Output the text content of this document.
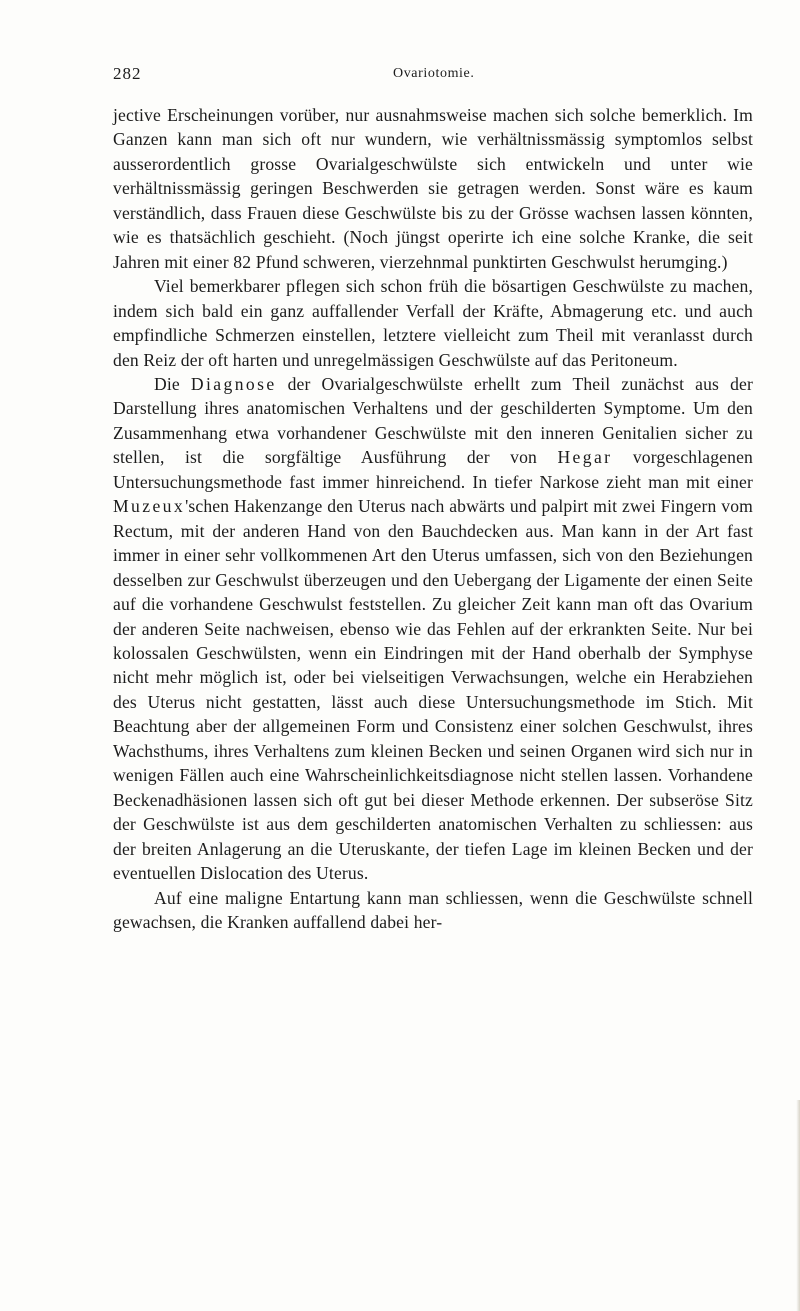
282	Ovariotomie.

jective Erscheinungen vorüber, nur ausnahmsweise machen sich solche bemerklich. Im Ganzen kann man sich oft nur wundern, wie verhältnissmässig symptomlos selbst ausserordentlich grosse Ovarialgeschwülste sich entwickeln und unter wie verhältnissmässig geringen Beschwerden sie getragen werden. Sonst wäre es kaum verständlich, dass Frauen diese Geschwülste bis zu der Grösse wachsen lassen könnten, wie es thatsächlich geschieht. (Noch jüngst operirte ich eine solche Kranke, die seit Jahren mit einer 82 Pfund schweren, vierzehnmal punktirten Geschwulst herumging.)

Viel bemerkbarer pflegen sich schon früh die bösartigen Geschwülste zu machen, indem sich bald ein ganz auffallender Verfall der Kräfte, Abmagerung etc. und auch empfindliche Schmerzen einstellen, letztere vielleicht zum Theil mit veranlasst durch den Reiz der oft harten und unregelmässigen Geschwülste auf das Peritoneum.

Die Diagnose der Ovarialgeschwülste erhellt zum Theil zunächst aus der Darstellung ihres anatomischen Verhaltens und der geschilderten Symptome. Um den Zusammenhang etwa vorhandener Geschwülste mit den inneren Genitalien sicher zu stellen, ist die sorgfältige Ausführung der von Hegar vorgeschlagenen Untersuchungsmethode fast immer hinreichend. In tiefer Narkose zieht man mit einer Muzeux'schen Hakenzange den Uterus nach abwärts und palpirt mit zwei Fingern vom Rectum, mit der anderen Hand von den Bauchdecken aus. Man kann in der Art fast immer in einer sehr vollkommenen Art den Uterus umfassen, sich von den Beziehungen desselben zur Geschwulst überzeugen und den Uebergang der Ligamente der einen Seite auf die vorhandene Geschwulst feststellen. Zu gleicher Zeit kann man oft das Ovarium der anderen Seite nachweisen, ebenso wie das Fehlen auf der erkrankten Seite. Nur bei kolossalen Geschwülsten, wenn ein Eindringen mit der Hand oberhalb der Symphyse nicht mehr möglich ist, oder bei vielseitigen Verwachsungen, welche ein Herabziehen des Uterus nicht gestatten, lässt auch diese Untersuchungsmethode im Stich. Mit Beachtung aber der allgemeinen Form und Consistenz einer solchen Geschwulst, ihres Wachsthums, ihres Verhaltens zum kleinen Becken und seinen Organen wird sich nur in wenigen Fällen auch eine Wahrscheinlichkeitsdiagnose nicht stellen lassen. Vorhandene Beckenadhäsionen lassen sich oft gut bei dieser Methode erkennen. Der subseröse Sitz der Geschwülste ist aus dem geschilderten anatomischen Verhalten zu schliessen: aus der breiten Anlagerung an die Uteruskante, der tiefen Lage im kleinen Becken und der eventuellen Dislocation des Uterus.

Auf eine maligne Entartung kann man schliessen, wenn die Geschwülste schnell gewachsen, die Kranken auffallend dabei her-
